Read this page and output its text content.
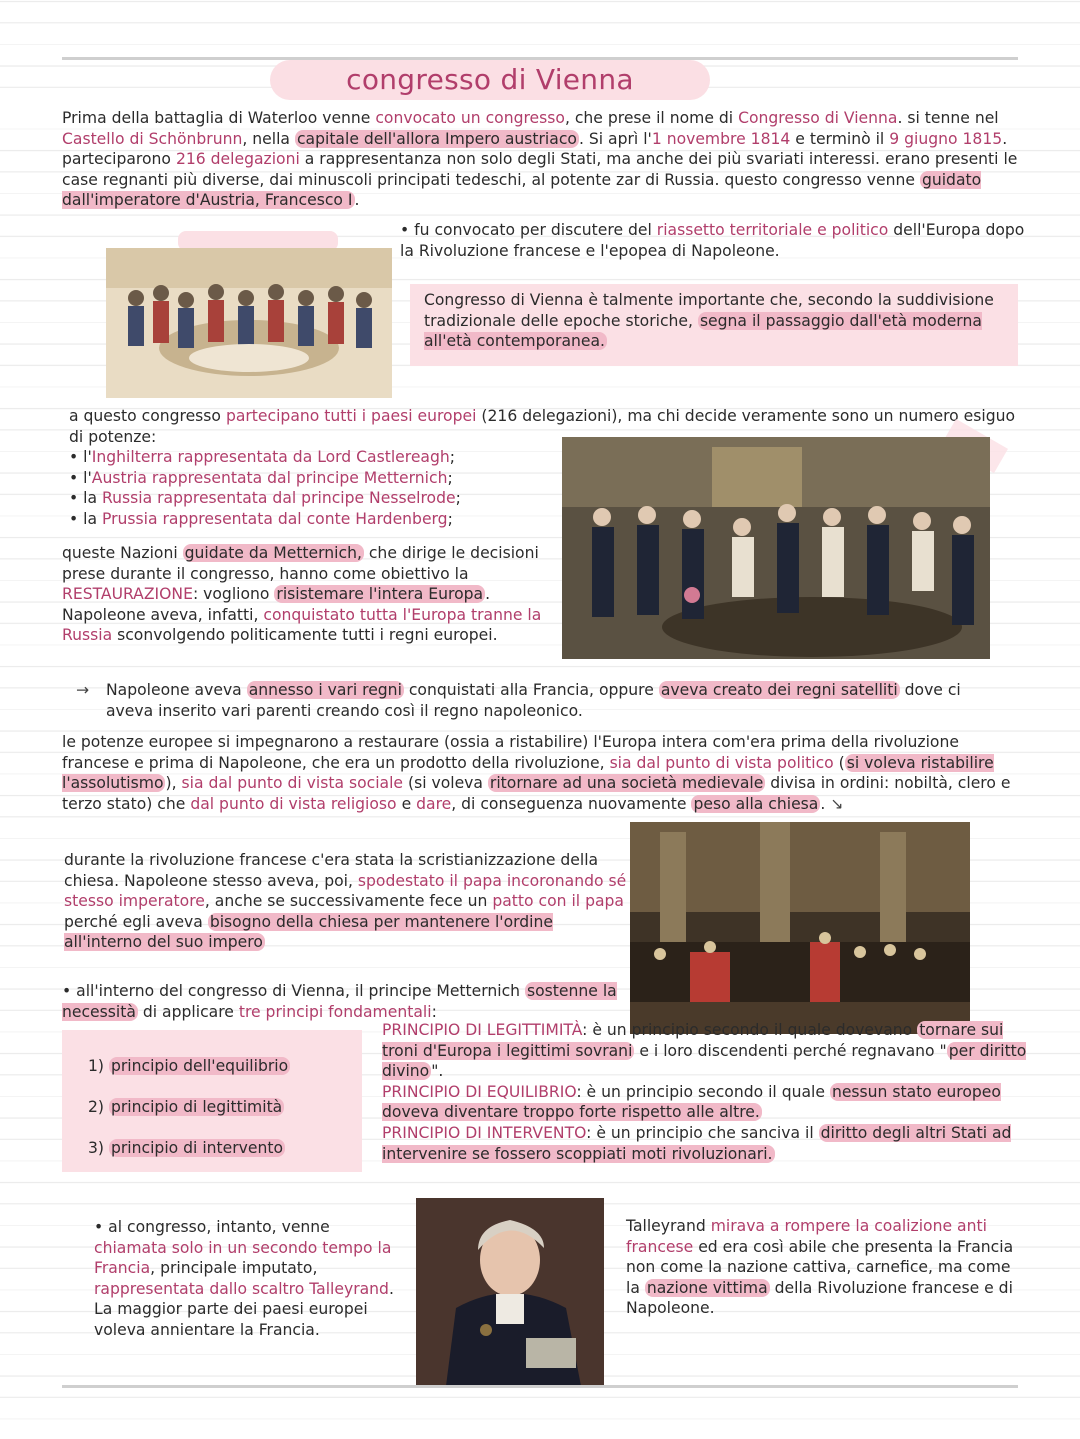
congresso di Vienna
Prima della battaglia di Waterloo venne convocato un congresso, che prese il nome di Congresso di Vienna. si tenne nel Castello di Schönbrunn, nella capitale dell'allora Impero austriaco . Si aprì l'1 novembre 1814 e terminò il 9 giugno 1815. parteciparono 216 delegazioni a rappresentanza non solo degli Stati, ma anche dei più svariati interessi. erano presenti le case regnanti più diverse, dai minuscoli principati tedeschi, al potente zar di Russia. questo congresso venne guidato dall'imperatore d'Austria, Francesco I .
• fu convocato per discutere del riassetto territoriale e politico dell'Europa dopo la Rivoluzione francese e l'epopea di Napoleone.
Congresso di Vienna è talmente importante che, secondo la suddivisione tradizionale delle epoche storiche, segna il passaggio dall'età moderna all'età contemporanea.
a questo congresso partecipano tutti i paesi europei (216 delegazioni), ma chi decide veramente sono un numero esiguo di potenze:
• l'Inghilterra rappresentata da Lord Castlereagh;
• l'Austria rappresentata dal principe Metternich;
• la Russia rappresentata dal principe Nesselrode;
• la Prussia rappresentata dal conte Hardenberg;
queste Nazioni guidate da Metternich, che dirige le decisioni prese durante il congresso, hanno come obiettivo la RESTAURAZIONE: vogliono risistemare l'intera Europa . Napoleone aveva, infatti, conquistato tutta l'Europa tranne la Russia sconvolgendo politicamente tutti i regni europei.
→	Napoleone aveva annesso i vari regni conquistati alla Francia, oppure aveva creato dei regni satelliti dove ci aveva inserito vari parenti creando così il regno napoleonico.
le potenze europee si impegnarono a restaurare (ossia a ristabilire) l'Europa intera com'era prima della rivoluzione francese e prima di Napoleone, che era un prodotto della rivoluzione, sia dal punto di vista politico ( si voleva ristabilire l'assolutismo ), sia dal punto di vista sociale (si voleva ritornare ad una società medievale divisa in ordini: nobiltà, clero e terzo stato) che dal punto di vista religioso e dare, di conseguenza nuovamente peso alla chiesa . ↘
durante la rivoluzione francese c'era stata la scristianizzazione della chiesa. Napoleone stesso aveva, poi, spodestato il papa incoronando sé stesso imperatore, anche se successivamente fece un patto con il papa perché egli aveva bisogno della chiesa per mantenere l'ordine all'interno del suo impero
• all'interno del congresso di Vienna, il principe Metternich sostenne la necessità di applicare tre principi fondamentali:

1) principio dell'equilibrio

2) principio di legittimità

3) principio di intervento

PRINCIPIO DI LEGITTIMITÀ: è un principio secondo il quale dovevano tornare sui troni d'Europa i legittimi sovrani e i loro discendenti perché regnavano " per diritto divino ".

PRINCIPIO DI EQUILIBRIO: è un principio secondo il quale nessun stato europeo doveva diventare troppo forte rispetto alle altre.

PRINCIPIO DI INTERVENTO: è un principio che sanciva il diritto degli altri Stati ad intervenire se fossero scoppiati moti rivoluzionari.

• al congresso, intanto, venne chiamata solo in un secondo tempo la Francia, principale imputato, rappresentata dallo scaltro Talleyrand. La maggior parte dei paesi europei voleva annientare la Francia.
Talleyrand mirava a rompere la coalizione anti francese ed era così abile che presenta la Francia non come la nazione cattiva, carnefice, ma come la nazione vittima della Rivoluzione francese e di Napoleone.
